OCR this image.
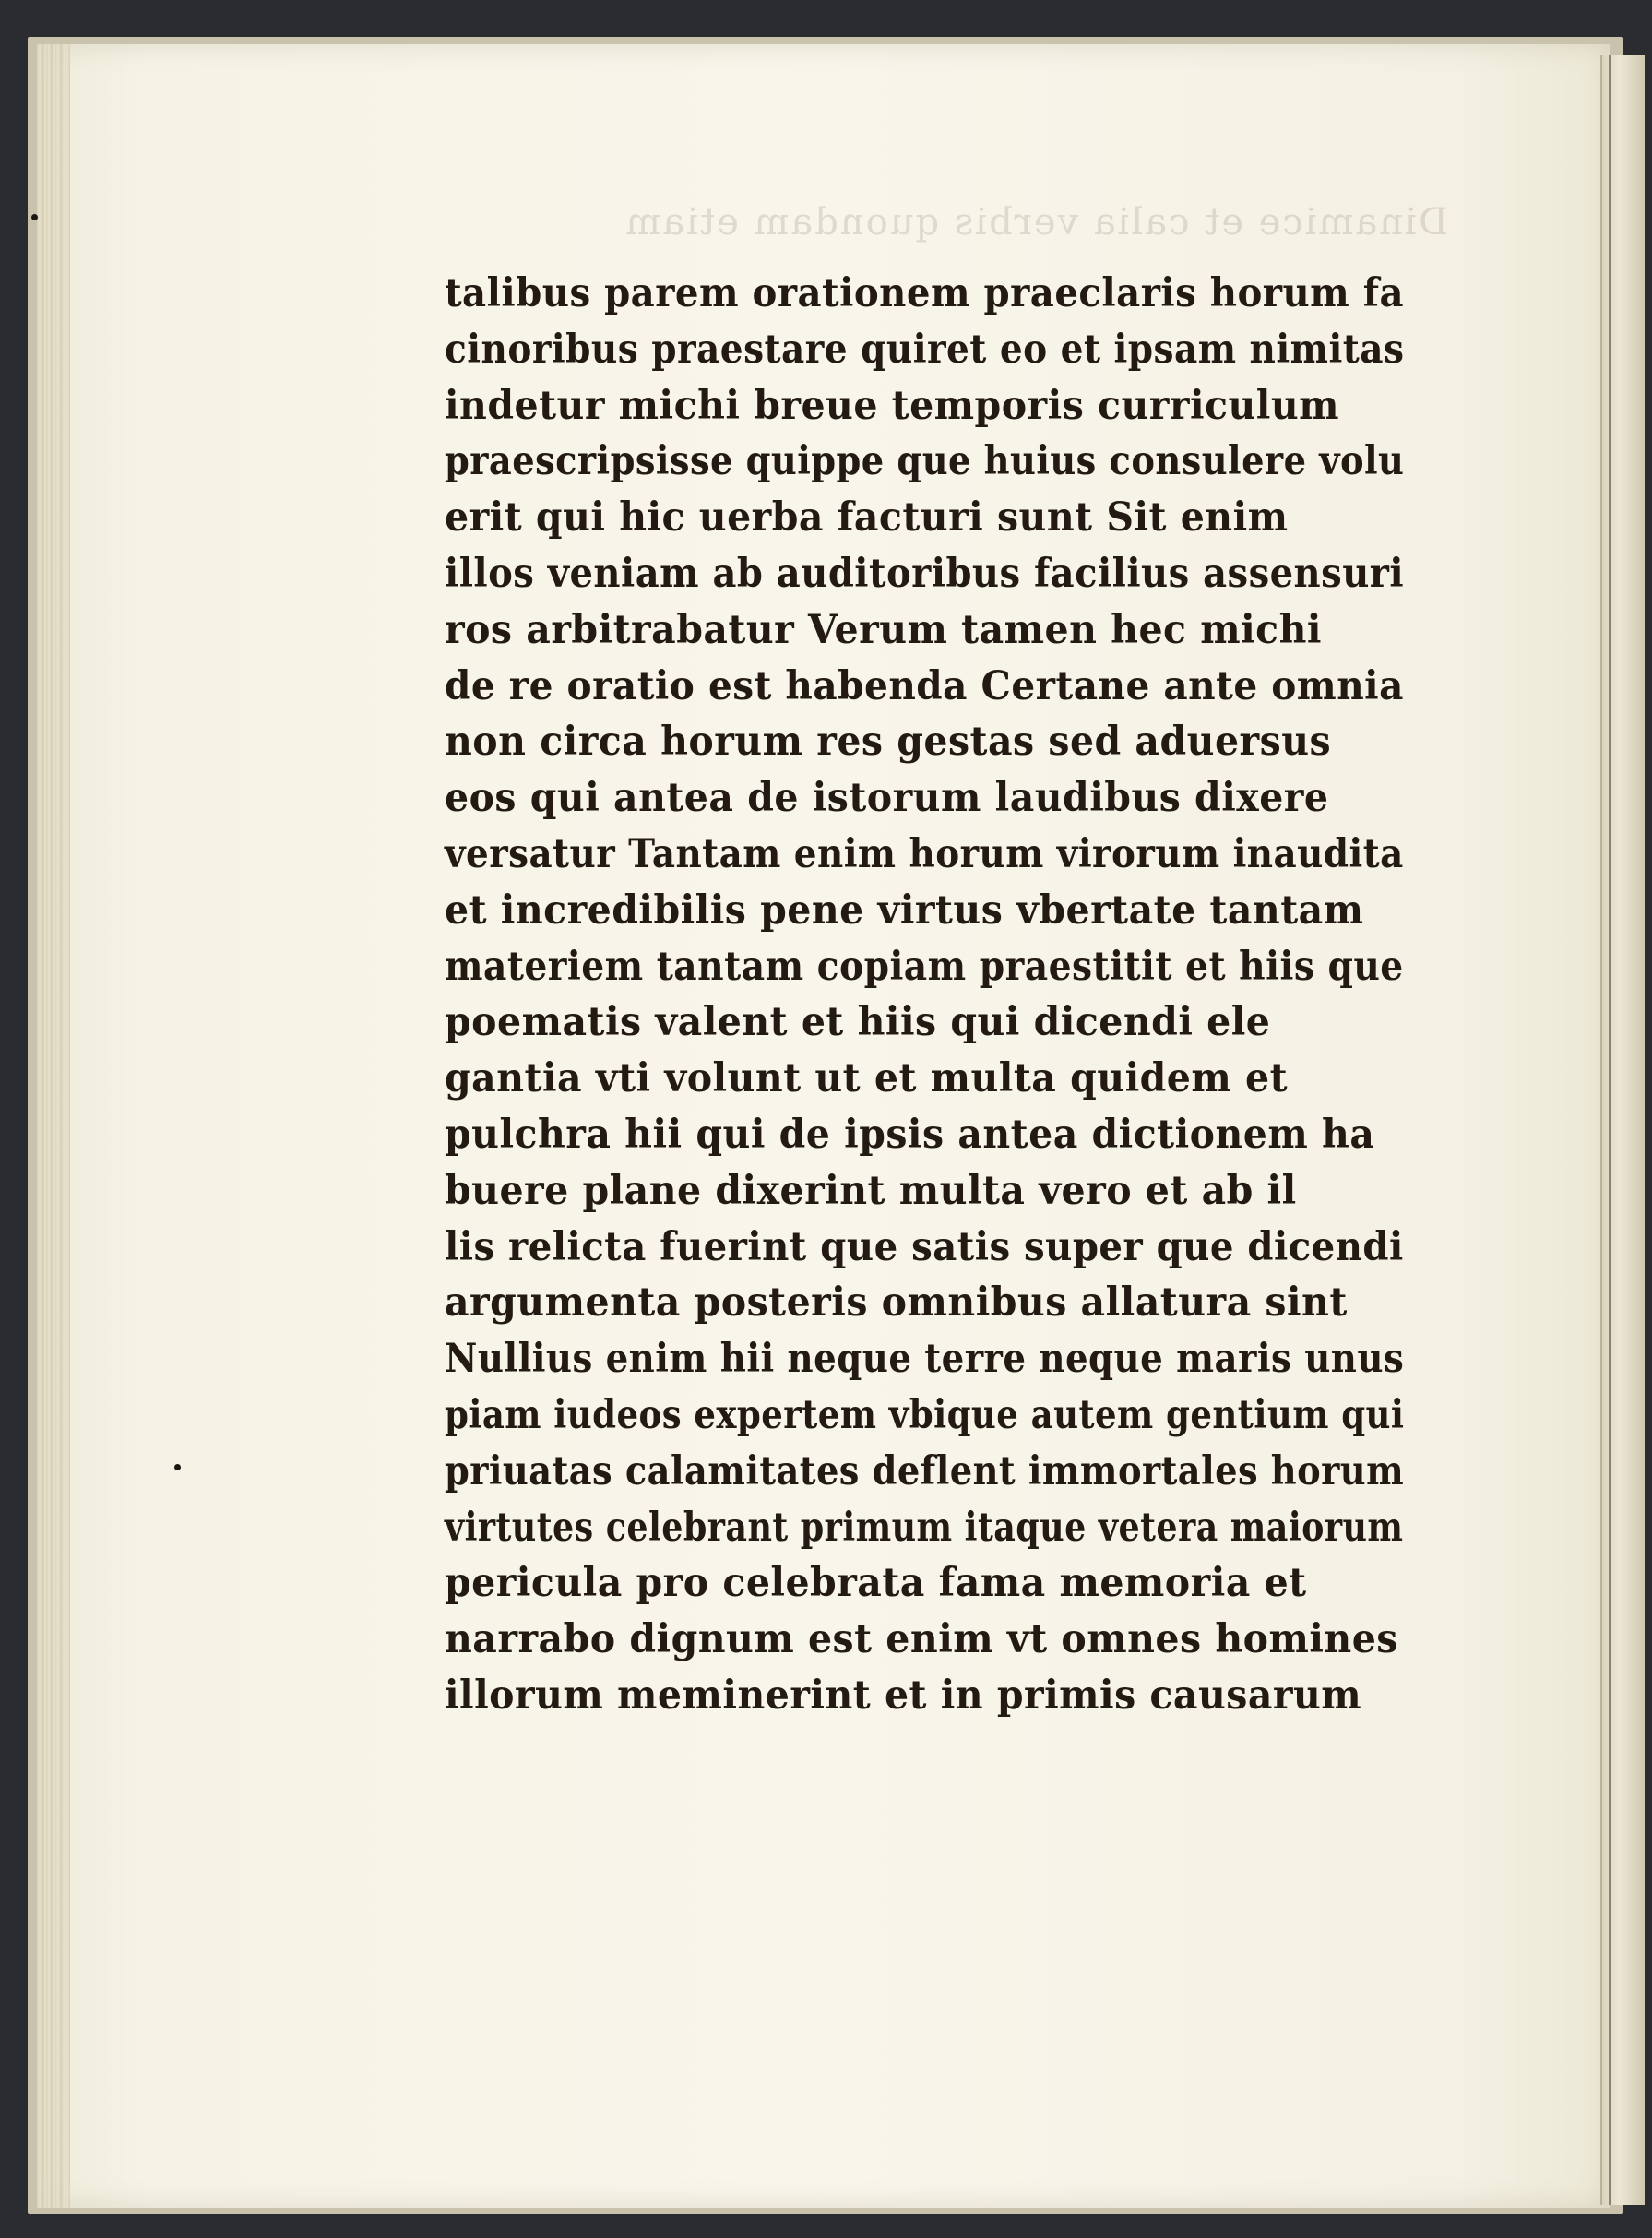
Dinamice et calia verbis quondam etiam
talibus parem orationem praeclaris horum fa
cinoribus praestare quiret eo et ipsam nimitas
indetur michi breue temporis curriculum
praescripsisse quippe que huius consulere volu
erit qui hic uerba facturi sunt Sit enim
illos veniam ab auditoribus facilius assensuri
ros arbitrabatur Verum tamen hec michi
de re oratio est habenda Certane ante omnia
non circa horum res gestas sed aduersus
eos qui antea de istorum laudibus dixere
versatur Tantam enim horum virorum inaudita
et incredibilis pene virtus vbertate tantam
materiem tantam copiam praestitit et hiis que
poematis valent et hiis qui dicendi ele
gantia vti volunt ut et multa quidem et
pulchra hii qui de ipsis antea dictionem ha
buere plane dixerint multa vero et ab il
lis relicta fuerint que satis super que dicendi
argumenta posteris omnibus allatura sint
Nullius enim hii neque terre neque maris unus
piam iudeos expertem vbique autem gentium qui
priuatas calamitates deflent immortales horum
virtutes celebrant primum itaque vetera maiorum
pericula pro celebrata fama memoria et
narrabo dignum est enim vt omnes homines
illorum meminerint et in primis causarum
